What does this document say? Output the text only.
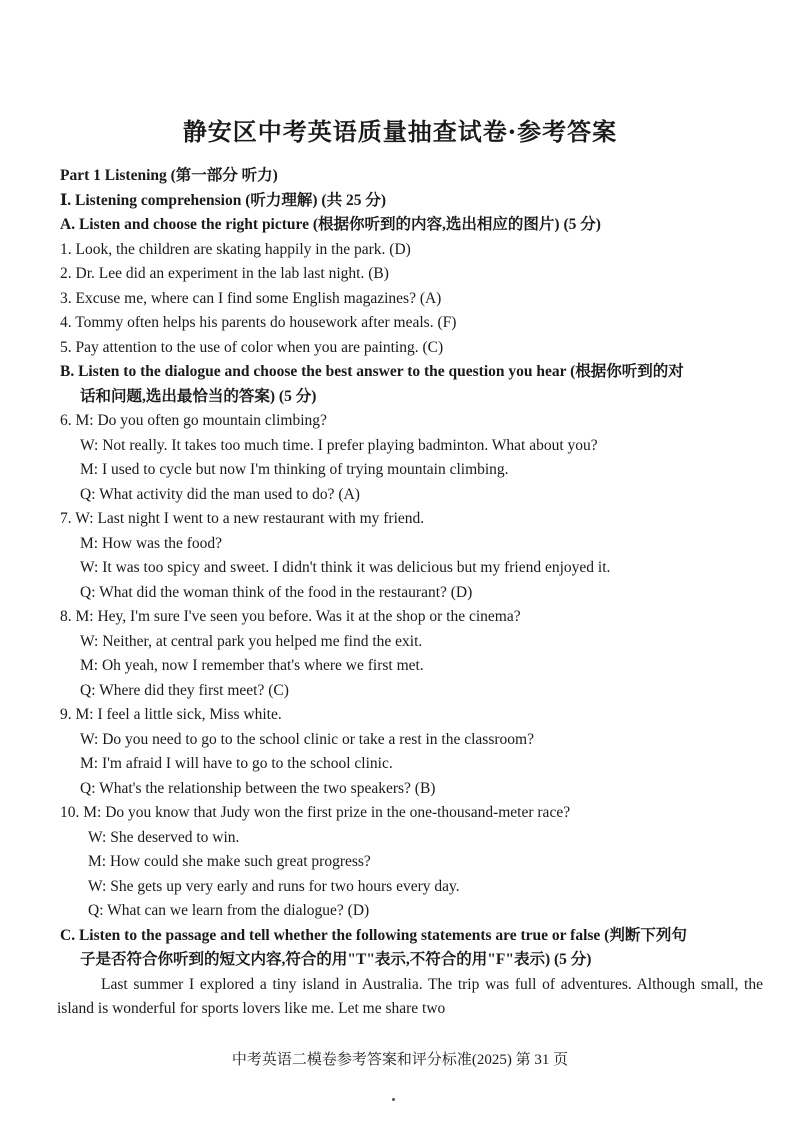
静安区中考英语质量抽查试卷·参考答案
Part 1 Listening (第一部分 听力)
Ⅰ. Listening comprehension (听力理解) (共 25 分)
A. Listen and choose the right picture (根据你听到的内容,选出相应的图片) (5 分)
1. Look, the children are skating happily in the park. (D)
2. Dr. Lee did an experiment in the lab last night. (B)
3. Excuse me, where can I find some English magazines? (A)
4. Tommy often helps his parents do housework after meals. (F)
5. Pay attention to the use of color when you are painting. (C)
B. Listen to the dialogue and choose the best answer to the question you hear (根据你听到的对
话和问题,选出最恰当的答案) (5 分)
6. M: Do you often go mountain climbing?
W: Not really. It takes too much time. I prefer playing badminton. What about you?
M: I used to cycle but now I'm thinking of trying mountain climbing.
Q: What activity did the man used to do? (A)
7. W: Last night I went to a new restaurant with my friend.
M: How was the food?
W: It was too spicy and sweet. I didn't think it was delicious but my friend enjoyed it.
Q: What did the woman think of the food in the restaurant? (D)
8. M: Hey, I'm sure I've seen you before. Was it at the shop or the cinema?
W: Neither, at central park you helped me find the exit.
M: Oh yeah, now I remember that's where we first met.
Q: Where did they first meet? (C)
9. M: I feel a little sick, Miss white.
W: Do you need to go to the school clinic or take a rest in the classroom?
M: I'm afraid I will have to go to the school clinic.
Q: What's the relationship between the two speakers? (B)
10. M: Do you know that Judy won the first prize in the one-thousand-meter race?
W: She deserved to win.
M: How could she make such great progress?
W: She gets up very early and runs for two hours every day.
Q: What can we learn from the dialogue? (D)
C. Listen to the passage and tell whether the following statements are true or false (判断下列句
子是否符合你听到的短文内容,符合的用"T"表示,不符合的用"F"表示) (5 分)
Last summer I explored a tiny island in Australia. The trip was full of adventures. Although small, the island is wonderful for sports lovers like me. Let me share two
中考英语二模卷参考答案和评分标准(2025) 第 31 页
